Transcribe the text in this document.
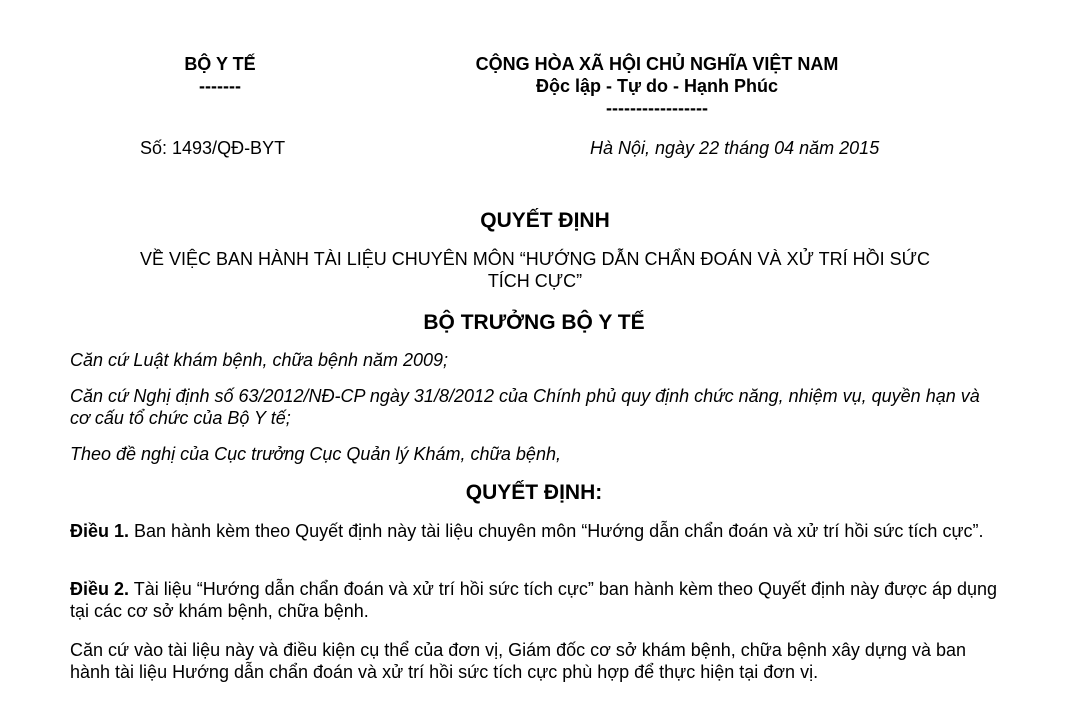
BỘ Y TẾ
-------
Số: 1493/QĐ-BYT
CỘNG HÒA XÃ HỘI CHỦ NGHĨA VIỆT NAM
Độc lập - Tự do - Hạnh Phúc
-----------------
Hà Nội, ngày 22 tháng 04 năm 2015
QUYẾT ĐỊNH
VỀ VIỆC BAN HÀNH TÀI LIỆU CHUYÊN MÔN “HƯỚNG DẪN CHẨN ĐOÁN VÀ XỬ TRÍ HỒI SỨC
TÍCH CỰC”
BỘ TRƯỞNG BỘ Y TẾ
Căn cứ Luật khám bệnh, chữa bệnh năm 2009;
Căn cứ Nghị định số 63/2012/NĐ-CP ngày 31/8/2012 của Chính phủ quy định chức năng, nhiệm vụ, quyền hạn và cơ cấu tổ chức của Bộ Y tế;
Theo đề nghị của Cục trưởng Cục Quản lý Khám, chữa bệnh,
QUYẾT ĐỊNH:
Điều 1. Ban hành kèm theo Quyết định này tài liệu chuyên môn “Hướng dẫn chẩn đoán và xử trí hồi sức tích cực”.
Điều 2. Tài liệu “Hướng dẫn chẩn đoán và xử trí hồi sức tích cực” ban hành kèm theo Quyết định này được áp dụng tại các cơ sở khám bệnh, chữa bệnh.
Căn cứ vào tài liệu này và điều kiện cụ thể của đơn vị, Giám đốc cơ sở khám bệnh, chữa bệnh xây dựng và ban hành tài liệu Hướng dẫn chẩn đoán và xử trí hồi sức tích cực phù hợp để thực hiện tại đơn vị.
